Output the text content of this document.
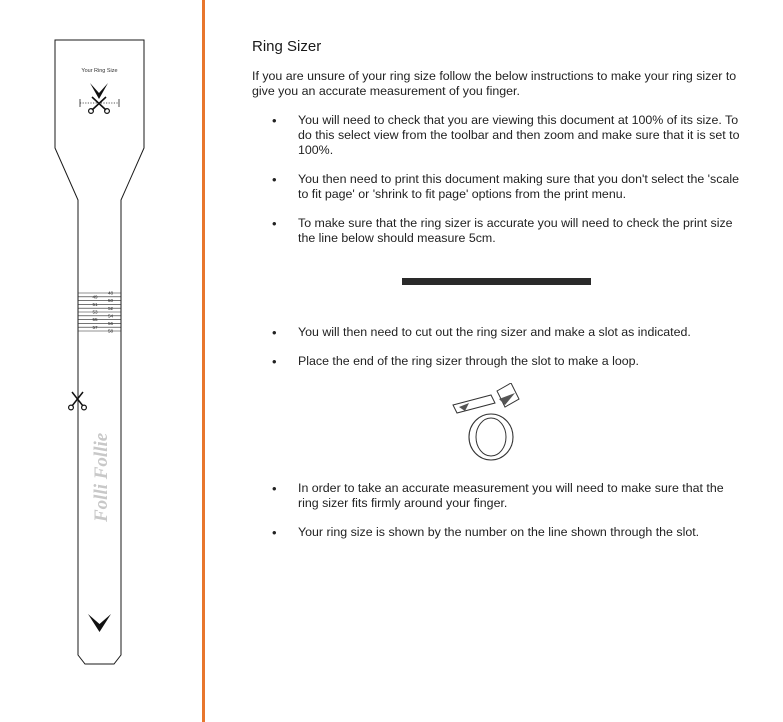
Your Ring Size
48
49
50
51
52
53
54
55
56
57
58
Folli Follie
Ring Sizer

If you are unsure of your ring size follow the below instructions to make your ring sizer to give you an accurate measurement of you finger.

• You will need to check that you are viewing this document at 100% of its size. To do this select view from the toolbar and then zoom and make sure that it is set to 100%.
• You then need to print this document making sure that you don't select the 'scale to fit page' or 'shrink to fit page' options from the print menu.
• To make sure that the ring sizer is accurate you will need to check the print size the line below should measure 5cm.
• You will then need to cut out the ring sizer and make a slot as indicated.
• Place the end of the ring sizer through the slot to make a loop.
• In order to take an accurate measurement you will need to make sure that the ring sizer fits firmly around your finger.
• Your ring size is shown by the number on the line shown through the slot.
